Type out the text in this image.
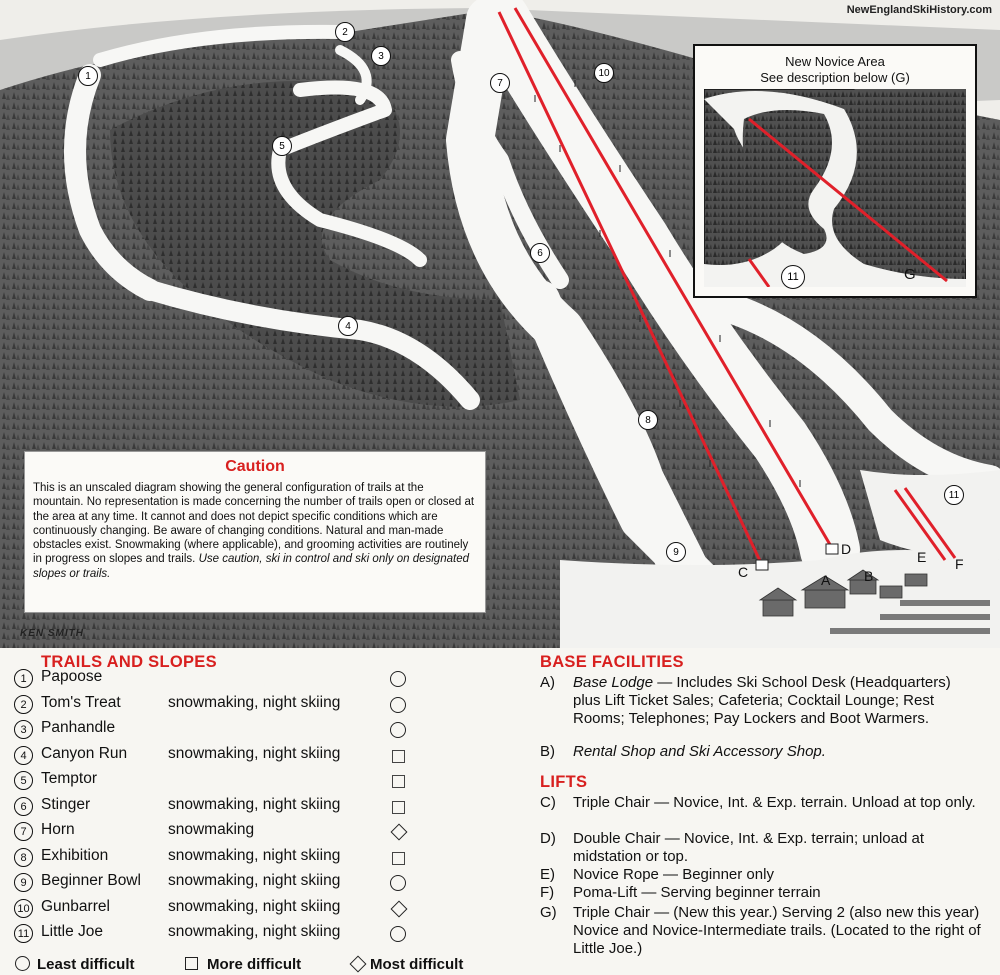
NewEnglandSkiHistory.com
KEN SMITH
1
2
3
4
5
6
7
8
9
10
11
C
D	E F
A B
Caution
This is an unscaled diagram showing the general configuration of trails at the mountain. No representation is made concerning the number of trails open or closed at the area at any time. It cannot and does not depict specific conditions which are continuously changing. Be aware of changing conditions. Natural and man-made obstacles exist. Snowmaking (where applicable), and grooming activities are routinely in progress on slopes and trails. Use caution, ski in control and ski only on designated slopes or trails.
New Novice Area
See description below (G)
11	G
TRAILS AND SLOPES
1 Papoose
2 Tom's Treat	snowmaking, night skiing
3 Panhandle
4 Canyon Run	snowmaking, night skiing
5 Temptor
6 Stinger	snowmaking, night skiing
7 Horn	snowmaking
8 Exhibition	snowmaking, night skiing
9 Beginner Bowl snowmaking, night skiing
10 Gunbarrel	snowmaking, night skiing
11 Little Joe	snowmaking, night skiing
BASE FACILITIES
A) Base Lodge — Includes Ski School Desk (Headquarters) plus Lift Ticket Sales; Cafeteria; Cocktail Lounge; Rest Rooms; Telephones; Pay Lockers and Boot Warmers.
B) Rental Shop and Ski Accessory Shop.
LIFTS
C) Triple Chair — Novice, Int. & Exp. terrain. Unload at top only.
D) Double Chair — Novice, Int. & Exp. terrain; unload at midstation or top.
E) Novice Rope — Beginner only
F) Poma-Lift — Serving beginner terrain
G) Triple Chair — (New this year.) Serving 2 (also new this year) Novice and Novice-Intermediate trails. (Located to the right of Little Joe.)
Least difficult	More difficult	Most difficult
